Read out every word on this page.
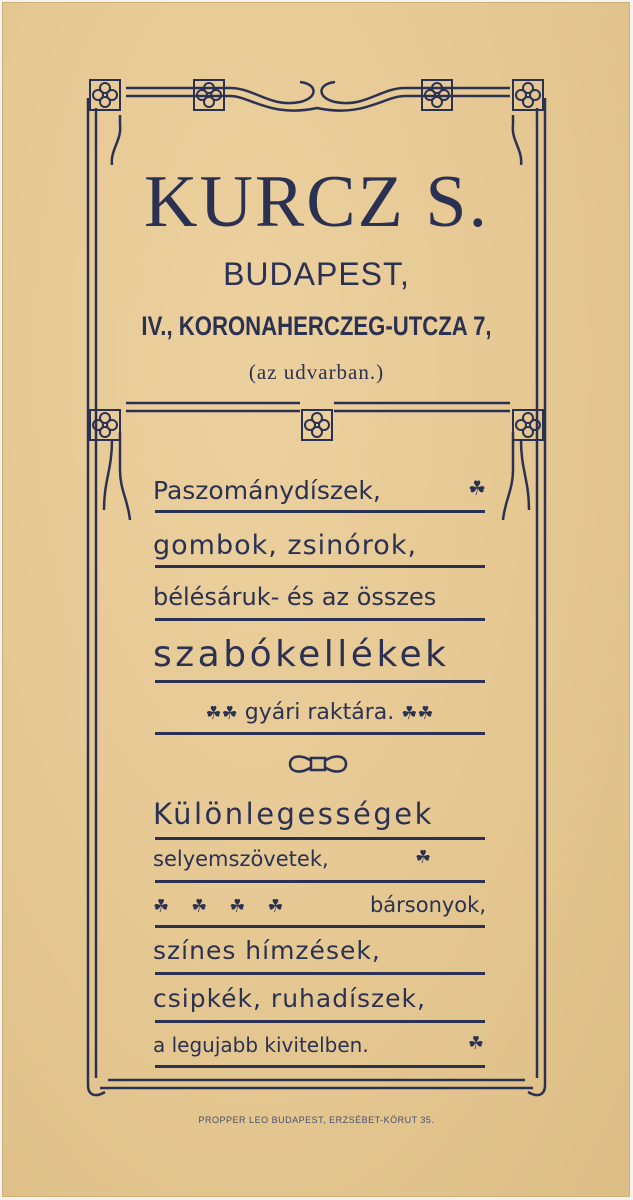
KURCZ S.
BUDAPEST,
IV., KORONAHERCZEG-UTCZA 7,
(az udvarban.)
Paszománydíszek,	☘
gombok, zsinórok,
bélésáruk- és az összes
szabókellékek
☘☘ gyári raktára. ☘☘
Különlegességek
selyemszövetek,	☘
☘☘☘☘	bársonyok,
színes hímzések,
csipkék, ruhadíszek,
a legujabb kivitelben.	☘
PROPPER LEO BUDAPEST, ERZSÉBET-KÖRUT 35.
